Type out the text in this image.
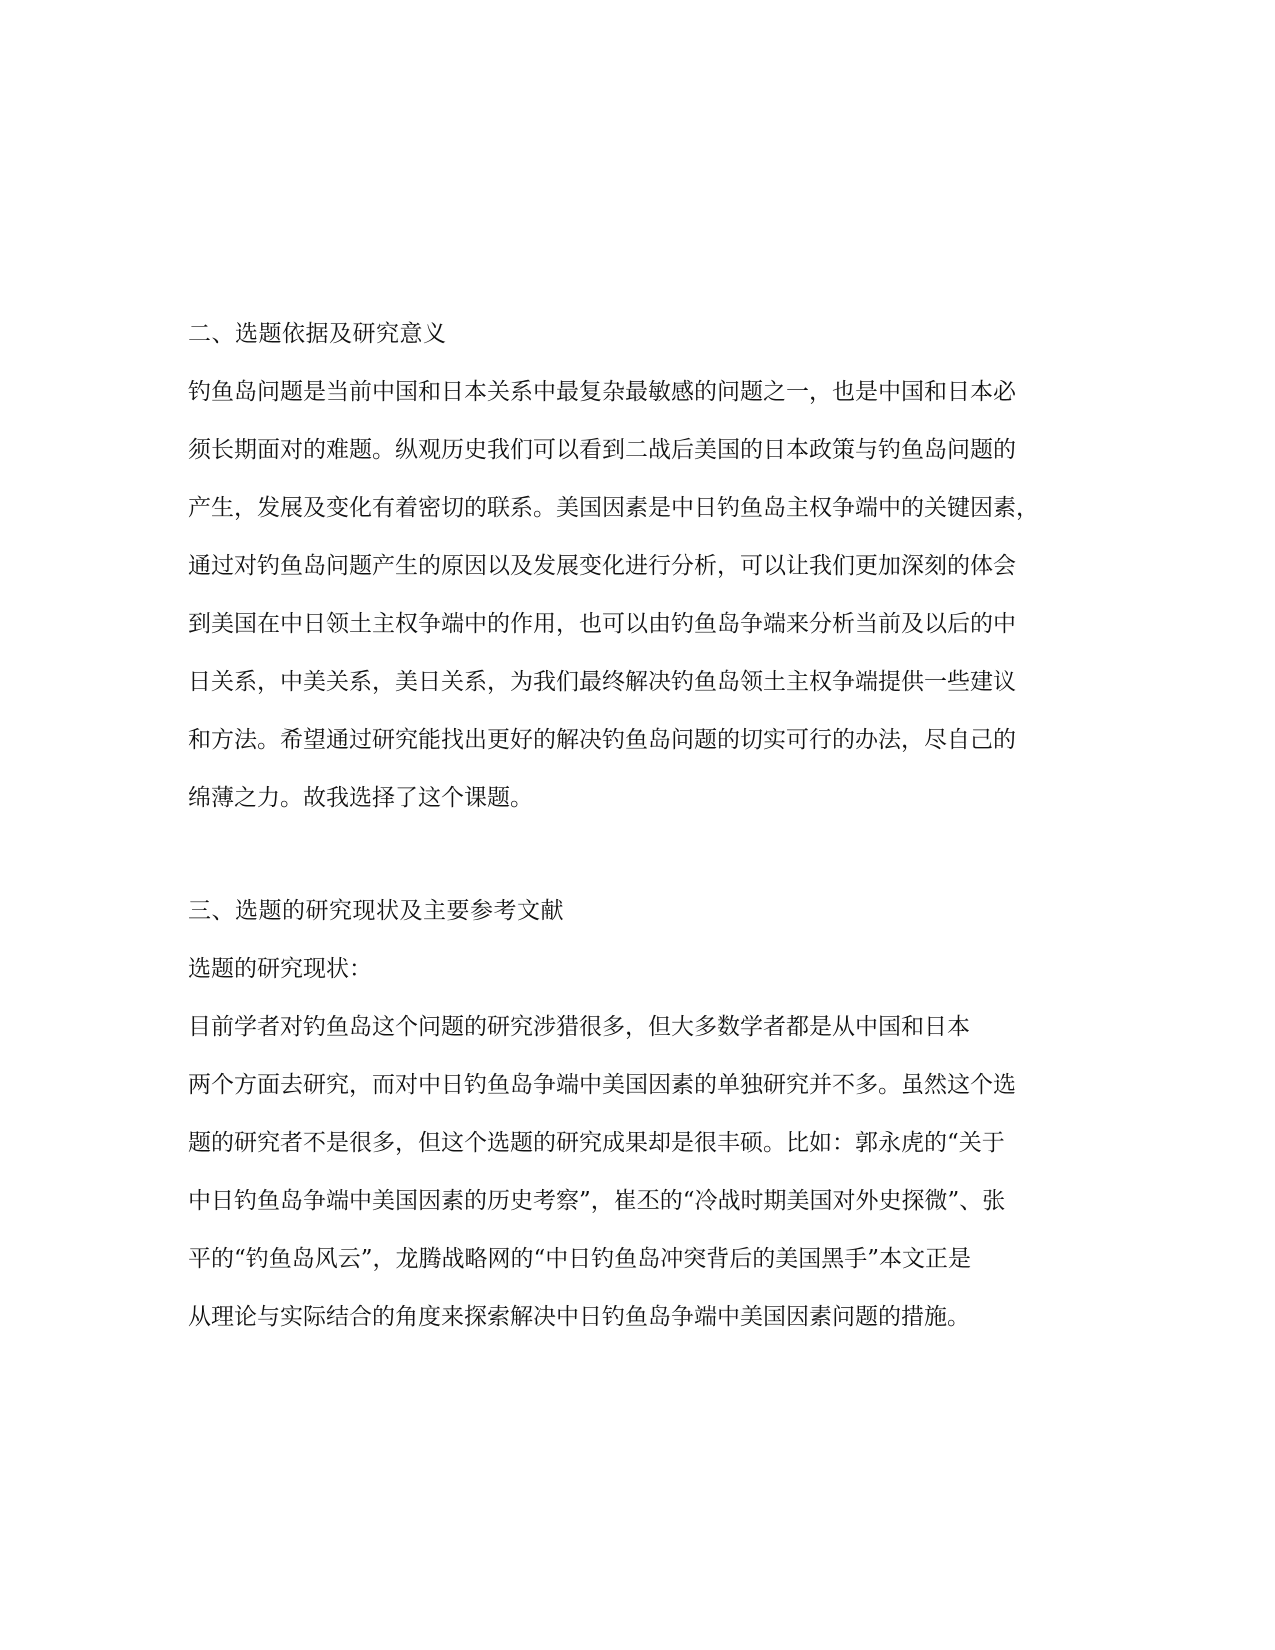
二、选题依据及研究意义
钓鱼岛问题是当前中国和日本关系中最复杂最敏感的问题之一，也是中国和日本必
须长期面对的难题。纵观历史我们可以看到二战后美国的日本政策与钓鱼岛问题的
产生，发展及变化有着密切的联系。美国因素是中日钓鱼岛主权争端中的关键因素，
通过对钓鱼岛问题产生的原因以及发展变化进行分析，可以让我们更加深刻的体会
到美国在中日领土主权争端中的作用，也可以由钓鱼岛争端来分析当前及以后的中
日关系，中美关系，美日关系，为我们最终解决钓鱼岛领土主权争端提供一些建议
和方法。希望通过研究能找出更好的解决钓鱼岛问题的切实可行的办法，尽自己的
绵薄之力。故我选择了这个课题。
三、选题的研究现状及主要参考文献
选题的研究现状：
目前学者对钓鱼岛这个问题的研究涉猎很多，但大多数学者都是从中国和日本
两个方面去研究，而对中日钓鱼岛争端中美国因素的单独研究并不多。虽然这个选
题的研究者不是很多，但这个选题的研究成果却是很丰硕。比如：郭永虎的“关于
中日钓鱼岛争端中美国因素的历史考察”，崔丕的“冷战时期美国对外史探微”、张
平的“钓鱼岛风云”，龙腾战略网的“中日钓鱼岛冲突背后的美国黑手”本文正是
从理论与实际结合的角度来探索解决中日钓鱼岛争端中美国因素问题的措施。
